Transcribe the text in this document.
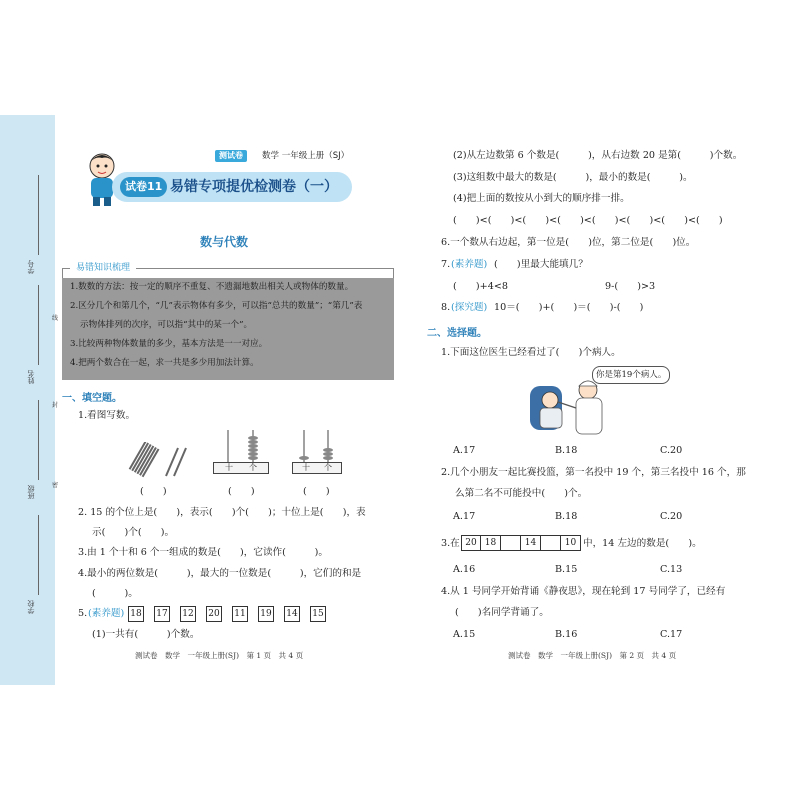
学号
姓名
班级
学校
线
封
密
测试卷	数学 一年级上册（SJ）
试卷11 易错专项提优检测卷（一）
数与代数
易错知识梳理
1.数数的方法：按一定的顺序不重复、不遗漏地数出相关人或物体的数量。
2.区分几个和第几个，“几”表示物体有多少，可以指“总共的数量”；“第几”表
示物体排列的次序，可以指“其中的某一个”。
3.比较两种物体数量的多少，基本方法是一一对应。
4.把两个数合在一起，求一共是多少用加法计算。
一、填空题。
1.看图写数。
十 个	十 个
(　　)	(　　)	(　　)
2. 15 的个位上是(　　)，表示(　　)个(　　)；十位上是(　　)，表
示(　　)个(　　)。
3.由 1 个十和 6 个一组成的数是(　　)，它读作(　　　)。
4.最小的两位数是(　　　)，最大的一位数是(　　　)，它们的和是
(　　　)。
5. (素养题) 18 17 12 20 11 19 14 15
(1)一共有(　　　)个数。
测试卷　数学　一年级上册(SJ)　第 1 页　共 4 页
(2)从左边数第 6 个数是(　　　)，从右边数 20 是第(　　　)个数。
(3)这组数中最大的数是(　　　)，最小的数是(　　　)。
(4)把上面的数按从小到大的顺序排一排。
(　　)<(　　)<(　　)<(　　)<(　　)<(　　)<(　　)<(　　)
6.一个数从右边起，第一位是(　　)位，第二位是(　　)位。
7. (素养题) (　　)里最大能填几？
(　　)+4<8	9-(　　)>3
8. (探究题) 10＝(　　)+(　　)＝(　　)-(　　)
二、选择题。
1.下面这位医生已经看过了(　　)个病人。
你是第19个病人。
A.17	B.18	C.20
2.几个小朋友一起比赛投篮，第一名投中 19 个，第三名投中 16 个，那
么第二名不可能投中(　　)个。
A.17	B.18	C.20
3.在 20 18	14	10 中，14 左边的数是(　　)。
A.16	B.15	C.13
4.从 1 号同学开始背诵《静夜思》，现在轮到 17 号同学了，已经有
(　　)名同学背诵了。
A.15	B.16	C.17
测试卷　数学　一年级上册(SJ)　第 2 页　共 4 页
